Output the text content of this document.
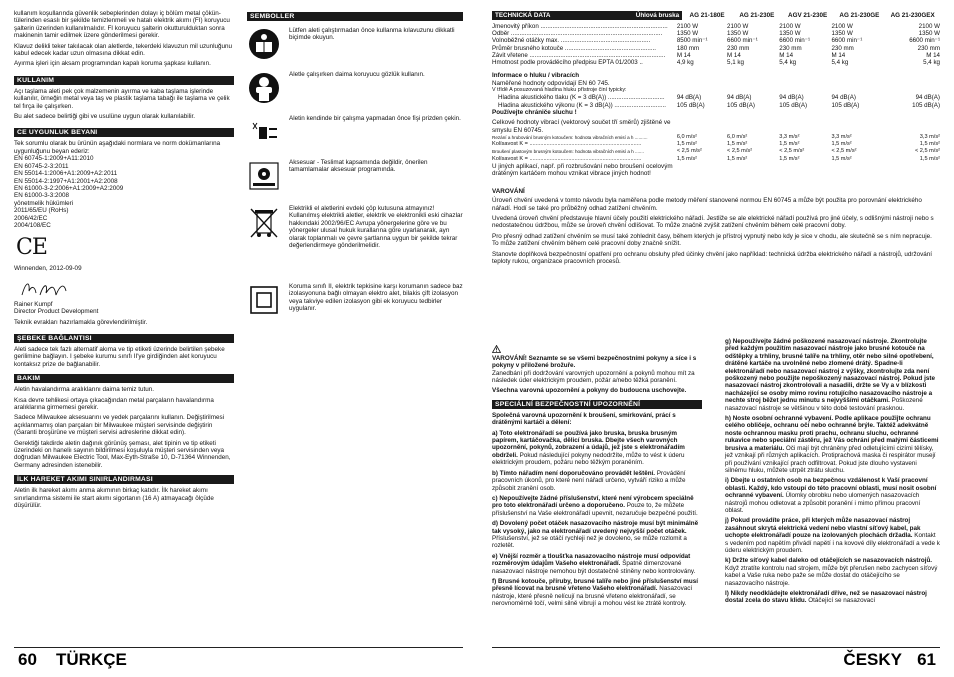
kullanım koşullarında güvenlik sebeplerinden dolayı iç bölüm metal çöküntülerinden esaslı bir şekilde temizlenmeli ve hatalı elektrik akımı (FI) koruyucu şalterin üzerinden kullanılmalıdır. FI koruyucu şalterin okutturulduktan sonra makinenin tamir edilmek üzere gönderilmesi gerekir.

Klavuz delikli teker takılacak olan aletlerde, tekerdeki klavuzun mil uzunluğunu kabul edecek kadar uzun olmasına dikkat edin.

Ayırma işleri için aksam programından kapalı koruma şapkası kullanın.

KULLANIM

Açı taşlama aleti pek çok malzemenin ayırma ve kaba taşlama işlerinde kullanılır, örneğin metal veya taş ve plastik taşlama tabağı ile taşlama ve çelik tel fırça ile çalışırken.

Bu alet sadece belirtiği gibi ve usulüne uygun olarak kullanılabilir.

CE UYGUNLUK BEYANI

Tek sorumlu olarak bu ürünün aşağıdaki normlara ve norm dokümanlarına uygunluğunu beyan ederiz:
EN 60745-1:2009+A11:2010
EN 60745-2-3:2011
EN 55014-1:2006+A1:2009+A2:2011
EN 55014-2:1997+A1:2001+A2:2008
EN 61000-3-2:2006+A1:2009+A2:2009
EN 61000-3-3:2008
yönetmelik hükümleri
2011/65/EU (RoHs)
2006/42/EC
2004/108/EC

CE

Winnenden, 2012-09-09

Rainer Kumpf
Director Product Development

Teknik evrakları hazırlamakla görevlendirilmiştir.

ŞEBEKE BAĞLANTISI

Aleti sadece tek fazlı alternatif akıma ve tip etiketi üzerinde belirtilen şebeke gerilimine bağlayın. Ι şebeke kurumu sınıfı II'ye girdiğinden alet koruyucu kontaksız prize de bağlanabilir.

BAKIM

Aletin havalandırma aralıklarını daima temiz tutun.

Kısa devre tehlikesi ortaya çıkacağından metal parçaların havalandırma aralıklarına girmemesi gerekir.

Sadece Milwaukee aksesuarını ve yedek parçalarını kullanın. Değiştirilmesi açıklanmamış olan parçaları bir Milwaukee müşteri servisinde değiştirin (Garanti broşürüne ve müşteri servisi adreslerine dikkat edin).

Gerektiği takdirde aletin dağınık görünüş şeması, alet tipinin ve tip etiketi üzerindeki on haneliı sayının bildirilmesi koşuluyla müşteri servisinden veya doğrudan Milwaukee Electric Tool, Max-Eyth-Straße 10, D-71364 Winnenden, Germany adresinden istenebilir.

İLK HAREKET AKIMI SINIRLANDIRMASI

Aletin ilk hareket akımı anma akımının birkaç katıdır. İlk hareket akımı sınırlandırma sistemi ile start akımı sigortanın (16 A) atmayacağı ölçüde düşürülür.

SEMBOLLER

Lütfen aleti çalıştırmadan önce kullanma kılavuzunu dikkatli biçimde okuyun.

Aletle çalışırken daima koruyucu gözlük kullanın.

Aletin kendinde bir çalışma yapmadan önce fişi prizden çekin.

Aksesuar - Teslimat kapsamında değildir, önerilen tamamlamalar aksesuar programında.

Elektrikli el aletlerini evdeki çöp kutusuna atmayınız! Kullanılmış elektrikli aletler, elektrik ve elektronikli eski cihazlar hakkındaki 2002/96/EC Avrupa yönergelerine göre ve bu yönergeler ulusal hukuk kurallarına göre uyarlanarak, ayrı olarak toplanmalı ve çevre şartlarına uygun bir şekilde tekrar değerlendirmeye gönderilmelidir.

Koruma sınıfı II, elektrik tepkisine karşı korumanın sadece baz izolasyonuna bağlı olmayan elektro alet, bilakis çift izolasyon veya takviye edilen izolasyon gibi ek koruyucu tedbirler uygulanır.

60 TÜRKÇE
TECHNICKÁ DATA	Úhlová bruska	AG 21-180E	AG 21-230E	AGV 21-230E	AG 21-230GE	AG 21-230GEX
Jmenovitý příkon ..........................................................................	2100 W	2100 W	2100 W	2100 W	2100 W
Odběr ........................................................................................	1350 W	1350 W	1350 W	1350 W	1350 W
Volnoběžné otáčky max. ....................................................	8500 min⁻¹	6600 min⁻¹	6600 min⁻¹	6600 min⁻¹	6600 min⁻¹
Průměr brusného kotouče .....................................................	180 mm	230 mm	230 mm	230 mm	230 mm
Závit vřetene ...............................................................................	M 14	M 14	M 14	M 14	M 14
Hmotnost podle prováděcího předpisu EPTA 01/2003 ..	4,9 kg	5,1 kg	5,4 kg	5,4 kg	5,4 kg

Informace o hluku / vibracích

Naměřené hodnoty odpovídají EN 60 745.

V třídě A posuzovaná hladina hluku přístroje činí typicky:

Hladina akustického tlaku (K = 3 dB(A)) .................................	94 dB(A)	94 dB(A)	94 dB(A)	94 dB(A)	94 dB(A)
Hladina akustického výkonu (K = 3 dB(A)) ..............................	105 dB(A)	105 dB(A)	105 dB(A)	105 dB(A)	105 dB(A)

Používejte chrániče sluchu !

Celkové hodnoty vibrací (vektorový součet tří směrů) zjištěné ve smyslu EN 60745.

Rezání a hrubování brusným kotoučem: hodnota vibračních emisí a h ..........	6,0 m/s²	6,0 m/s²	3,3 m/s²	3,3 m/s²	3,3 m/s²
Kolísavost K = ........................................................................	1,5 m/s²	1,5 m/s²	1,5 m/s²	1,5 m/s²	1,5 m/s²
Broušení plastovým brusným kotoučem: hodnota vibračních emisí a h .......	< 2,5 m/s²	< 2,5 m/s²	< 2,5 m/s²	< 2,5 m/s²	< 2,5 m/s²
Kolísavost K = ........................................................................	1,5 m/s²	1,5 m/s²	1,5 m/s²	1,5 m/s²	1,5 m/s²

U jiných aplikací, např. při rozbrušování nebo broušení ocelovým drátěným kartáčem mohou vznikat vibrace jiných hodnot!

VAROVÁNÍ

Úroveň chvění uvedená v tomto návodu byla naměřena podle metody měření stanovené normou EN 60745 a může být použita pro porovnání elektrického nářadí. Hodí se také pro průběžný odhad zatížení chvěním.

Uvedená úroveň chvění představuje hlavní účely použití elektrického nářadí. Jestliže se ale elektrické nářadí používá pro jiné účely, s odlišnými nástroji nebo s nedostatečnou údržbou, může se úroveň chvění odlišovat. To může značně zvýšit zatížení chvěním během celé pracovní doby.

Pro přesný odhad zatížení chvěním se musí také zohlednit časy, během kterých je přístroj vypnutý nebo kdy je sice v chodu, ale skutečně se s ním nepracuje. To může zatížení chvěním během celé pracovní doby značně snížit.

Stanovte doplňková bezpečnostní opatření pro ochranu obsluhy před účinky chvění jako například: technická údržba elektrického nářadí a nástrojů, udržování teploty rukou, organizace pracovních procesů.

VAROVÁNÍ! Seznamte se se všemi bezpečnostními pokyny a síce i s pokyny v přiložené brožuře.
Zanedbání při dodržování varovných upozornění a pokynů mohou mít za následek úder elektrickým proudem, požár a/nebo těžká poranění.

Všechna varovná upozornění a pokyny do budoucna uschovejte.

SPECIÁLNÍ BEZPEČNOSTNÍ UPOZORNĚNÍ

Společná varovná upozornění k broušení, smirkování, prácí s drátěnými kartáči a dělení:

a) Toto elektronářadí se používá jako bruska, bruska brusným papírem, kartáčovačka, dělicí bruska. Dbejte všech varovných upozornění, pokynů, zobrazení a údajů, jež jste s elektronářadím obdrželi. Pokud následující pokyny nedodržíte, může to vést k úderu elektrickým proudem, požáru nebo těžkým poraněním.

b) Tímto nářadím není doporučováno provádět leštění. Provádění pracovních úkonů, pro které není nářadí určeno, vytváří riziko a může způsobit zranění osob.

c) Nepoužívejte žádné příslušenství, které není výrobcem speciálně pro toto elektronářadí určeno a doporučeno. Pouze to, že můžete příslušenství na Vaše elektronářadí upevnit, nezaručuje bezpečné použití.

d) Dovolený počet otáček nasazovacího nástroje musí být minimálně tak vysoký, jako na elektronářadí uvedený nejvyšší počet otáček. Příslušenství, jež se otáčí rychleji než je dovoleno, se může rozlomit a rozletět.

e) Vnější rozměr a tloušťka nasazovacího nástroje musí odpovídat rozměrovým údajům Vašeho elektronářadí. Špatně dimenzované nasazovací nástroje nemohou být dostatečně stíněny nebo kontrolovány.

f) Brusné kotouče, příruby, brusné talíře nebo jiné příslušenství musí přesně lícovat na brusné vřeteno Vašeho elektronářadí. Nasazovací nástroje, které přesně nelícují na brusné vřeteno elektronářadí, se nerovnoměrně točí, velmi silně vibrují a mohou vést ke ztrátě kontroly.

g) Nepoužívejte žádné poškozené nasazovací nástroje. Zkontrolujte před každým použitím nasazovací nástroje jako brusné kotouče na odštěpky a trhliny, brusné talíře na trhliny, otěr nebo silné opotřebení, drátěné kartáče na uvolněné nebo zlomené drátý. Spadne-li elektronářadí nebo nasazovací nástroj z výšky, zkontrolujte zda není poškozený nebo použijte nepoškozený nasazovací nástroj. Pokud jste nasazovací nástroj zkontrolovali a nasadili, držte se Vy a v blízkosti nacházející se osoby mimo rovinu rotujícího nasazovacího nástroje a nechte stroj běžet jednu minutu s nejvyššími otáčkami. Poškozené nasazovací nástroje se většinou v této době testování prasknou.

h) Noste osobní ochranné vybavení. Podle aplikace použijte ochranu celého obličeje, ochranu očí nebo ochranné brýle. Taktéž adekvátně noste ochrannou masku proti prachu, ochranu sluchu, ochranné rukavice nebo speciální zástěru, jež Vás ochrání před malými částicemi brusiva a materiálu. Oči mají být chráněny před odletujícími cizími tělísky, jež vznikají při různých aplikacích. Protiprachová maska či respirátor musejí při používání vznikající prach odfiltrovat. Pokud jste dlouho vystaveni silnému hluku, můžete utrpět ztrátu sluchu.

i) Dbejte u ostatních osob na bezpečnou vzdálenost k Vaší pracovní oblasti. Každý, kdo vstoupí do této pracovní oblasti, musí nosit osobní ochranné vybavení. Úlomky obrobku nebo ulomených nasazovacích nástrojů mohou odletovat a způsobit poranění i mimo přímou pracovní oblast.

j) Pokud provádíte práce, při kterých může nasazovací nástroj zasáhnout skrytá elektrická vedení nebo vlastní síťový kabel, pak uchopte elektronářadí pouze na izolovaných plochách držadla. Kontakt s vedením pod napětím přivádí napětí i na kovové díly elektronářadí a vede k úderu elektrickým proudem.

k) Držte síťový kabel daleko od otáčejících se nasazovacích nástrojů. Když ztratíte kontrolu nad strojem, může být přerušen nebo zachycen síťový kabel a Vaše ruka nebo paže se může dostat do otáčejícího se nasazovacího nástroje.

l) Nikdy neodkládejte elektronářadí dříve, než se nasazovací nástroj dostal zcela do stavu klidu. Otáčející se nasazovací

ČESKY 61
